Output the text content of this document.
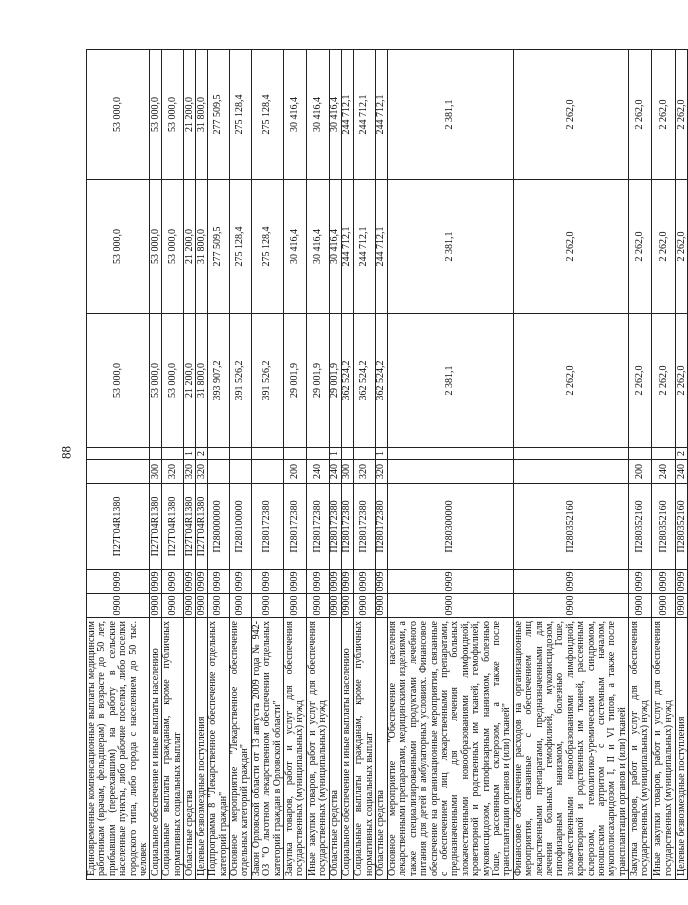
88
Единовременные компенсационные выплаты медицинским работникам (врачам, фельдшерам) в возрасте до 50 лет, прибывшим (переехавшим) на работу в сельские населенные пункты, либо рабочие поселки, либо поселки городского типа, либо города с населением до 50 тыс. человек	0900	0909	П27Г04R1380			53 000,0	53 000,0	53 000,0
Социальное обеспечение и иные выплаты населению	0900	0909	П27Г04R1380	300		53 000,0	53 000,0	53 000,0
Социальные выплаты гражданам, кроме публичных нормативных социальных выплат	0900	0909	П27Г04R1380	320		53 000,0	53 000,0	53 000,0
Областные средства	0900	0909	П27Г04R1380	320	1	21 200,0	21 200,0	21 200,0
Целевые безвозмездные поступления	0900	0909	П27Г04R1380	320	2	31 800,0	31 800,0	31 800,0
Подпрограмма 8 "Лекарственное обеспечение отдельных категорий граждан"	0900	0909	П280000000			393 907,2	277 509,5	277 509,5
Основное мероприятие "Лекарственное обеспечение отдельных категорий граждан"	0900	0909	П280100000			391 526,2	275 128,4	275 128,4
Закон Орловской области от 13 августа 2009 года № 942-ОЗ "О льготном лекарственном обеспечении отдельных категорий граждан в Орловской области"	0900	0909	П280172380			391 526,2	275 128,4	275 128,4
Закупка товаров, работ и услуг для обеспечения государственных (муниципальных) нужд	0900	0909	П280172380	200		29 001,9	30 416,4	30 416,4
Иные закупки товаров, работ и услуг для обеспечения государственных (муниципальных) нужд	0900	0909	П280172380	240		29 001,9	30 416,4	30 416,4
Областные средства	0900	0909	П280172380	240	1	29 001,9	30 416,4	30 416,4
Социальное обеспечение и иные выплаты населению	0900	0909	П280172380	300		362 524,2	244 712,1	244 712,1
Социальные выплаты гражданам, кроме публичных нормативных социальных выплат	0900	0909	П280172380	320		362 524,2	244 712,1	244 712,1
Областные средства	0900	0909	П280172380	320	1	362 524,2	244 712,1	244 712,1
Основное мероприятие "Обеспечение населения лекарственными препаратами, медицинскими изделиями, а также специализированными продуктами лечебного питания для детей в амбулаторных условиях. Финансовое обеспечение на организационные мероприятия, связанные с обеспечением лиц лекарственными препаратами, предназначенными для лечения больных злокачественными новообразованиями лимфоидной, кроветворной и родственных им тканей, гемофилией, муковисцидозом, гипофизарным нанизмом, болезнью Гоше, рассеянным склерозом, а также после трансплантации органов и (или) тканей"	0900	0909	П280300000			2 381,1	2 381,1	2 381,1
Финансовое обеспечение расходов на организационные мероприятия, связанные с обеспечением лиц лекарственными препаратами, предназначенными для лечения больных гемофилией, муковисцидозом, гипофизарным нанизмом, болезнью Гоше, злокачественными новообразованиями лимфоидной, кроветворной и родственных им тканей, рассеянным склерозом, гемолитико-уремическим синдромом, юношеским артритом с системным началом, мукополисахаридозом I, II и VI типов, а также после трансплантации органов и (или) тканей	0900	0909	П280352160			2 262,0	2 262,0	2 262,0
Закупка товаров, работ и услуг для обеспечения государственных (муниципальных) нужд	0900	0909	П280352160	200		2 262,0	2 262,0	2 262,0
Иные закупки товаров, работ и услуг для обеспечения государственных (муниципальных) нужд	0900	0909	П280352160	240		2 262,0	2 262,0	2 262,0
Целевые безвозмездные поступления	0900	0909	П280352160	240	2	2 262,0	2 262,0	2 262,0
